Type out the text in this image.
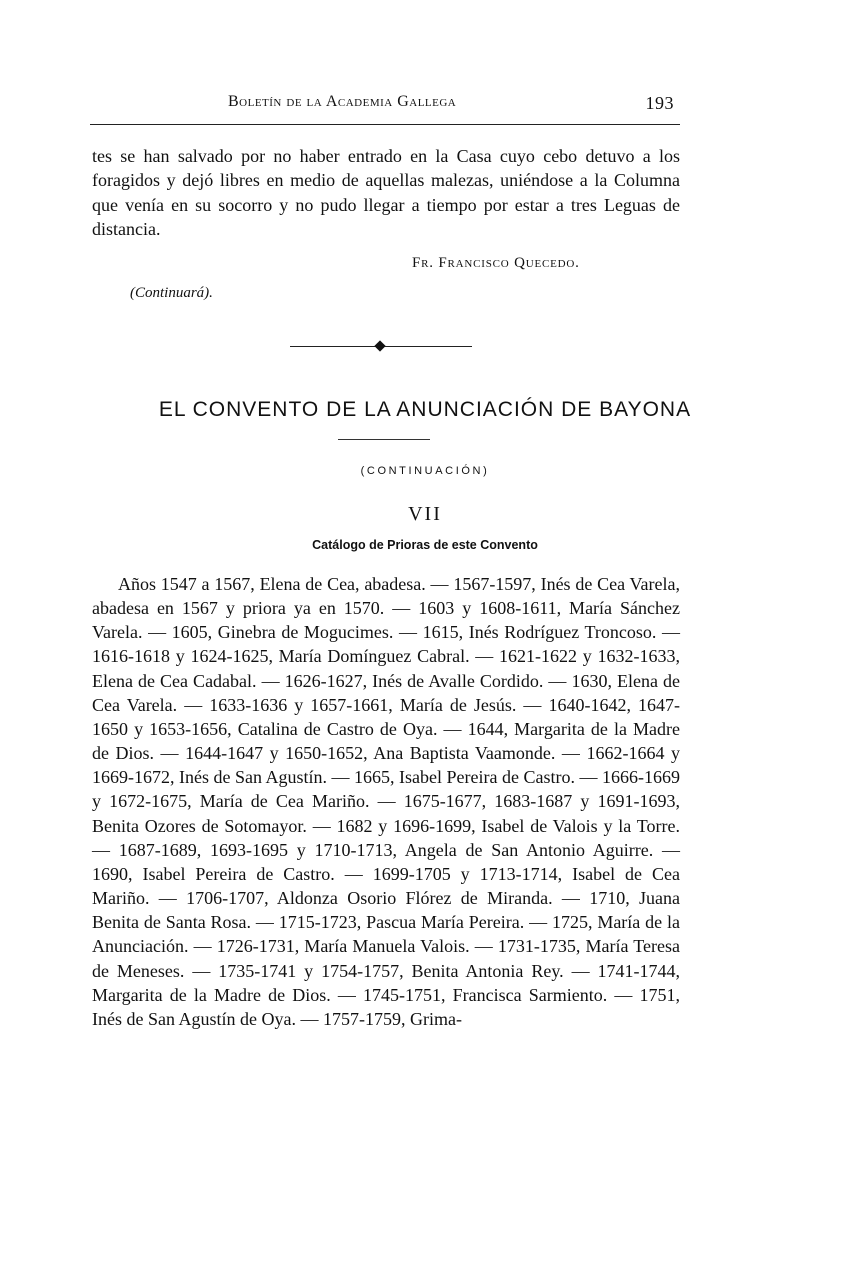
Boletín de la Academia Gallega	193

tes se han salvado por no haber entrado en la Casa cuyo cebo detuvo a los foragidos y dejó libres en medio de aquellas malezas, uniéndose a la Columna que venía en su socorro y no pudo llegar a tiempo por estar a tres Leguas de distancia.

Fr. Francisco Quecedo.
(Continuará).
EL CONVENTO DE LA ANUNCIACIÓN DE BAYONA
(CONTINUACIÓN)
VII
Catálogo de Prioras de este Convento

Años 1547 a 1567, Elena de Cea, abadesa. — 1567-1597, Inés de Cea Varela, abadesa en 1567 y priora ya en 1570. — 1603 y 1608-1611, María Sánchez Varela. — 1605, Ginebra de Mogucimes. — 1615, Inés Rodríguez Troncoso. — 1616-1618 y 1624-1625, María Domínguez Cabral. — 1621-1622 y 1632-1633, Elena de Cea Cadabal. — 1626-1627, Inés de Avalle Cordido. — 1630, Elena de Cea Varela. — 1633-1636 y 1657-1661, María de Jesús. — 1640-1642, 1647-1650 y 1653-1656, Catalina de Castro de Oya. — 1644, Margarita de la Madre de Dios. — 1644-1647 y 1650-1652, Ana Baptista Vaamonde. — 1662-1664 y 1669-1672, Inés de San Agustín. — 1665, Isabel Pereira de Castro. — 1666-1669 y 1672-1675, María de Cea Mariño. — 1675-1677, 1683-1687 y 1691-1693, Benita Ozores de Sotomayor. — 1682 y 1696-1699, Isabel de Valois y la Torre. — 1687-1689, 1693-1695 y 1710-1713, Angela de San Antonio Aguirre. — 1690, Isabel Pereira de Castro. — 1699-1705 y 1713-1714, Isabel de Cea Mariño. — 1706-1707, Aldonza Osorio Flórez de Miranda. — 1710, Juana Benita de Santa Rosa. — 1715-1723, Pascua María Pereira. — 1725, María de la Anunciación. — 1726-1731, María Manuela Valois. — 1731-1735, María Teresa de Meneses. — 1735-1741 y 1754-1757, Benita Antonia Rey. — 1741-1744, Margarita de la Madre de Dios. — 1745-1751, Francisca Sarmiento. — 1751, Inés de San Agustín de Oya. — 1757-1759, Grima-
